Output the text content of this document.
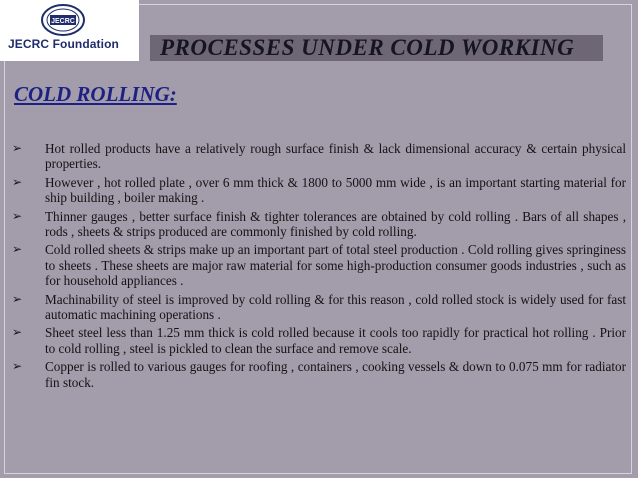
JECRC
JECRC Foundation PROCESSES UNDER COLD WORKING
COLD ROLLING:
➢ Hot rolled products have a relatively rough surface finish & lack dimensional accuracy & certain physical properties.
➢ However , hot rolled plate , over 6 mm thick & 1800 to 5000 mm wide , is an important starting material for ship building , boiler making .
➢ Thinner gauges , better surface finish & tighter tolerances are obtained by cold rolling . Bars of all shapes , rods , sheets & strips produced are commonly finished by cold rolling.
➢ Cold rolled sheets & strips make up an important part of total steel production . Cold rolling gives springiness to sheets . These sheets are major raw material for some high-production consumer goods industries , such as for household appliances .
➢ Machinability of steel is improved by cold rolling & for this reason , cold rolled stock is widely used for fast automatic machining operations .
➢ Sheet steel less than 1.25 mm thick is cold rolled because it cools too rapidly for practical hot rolling . Prior to cold rolling , steel is pickled to clean the surface and remove scale.
➢ Copper is rolled to various gauges for roofing , containers , cooking vessels & down to 0.075 mm for radiator fin stock.
